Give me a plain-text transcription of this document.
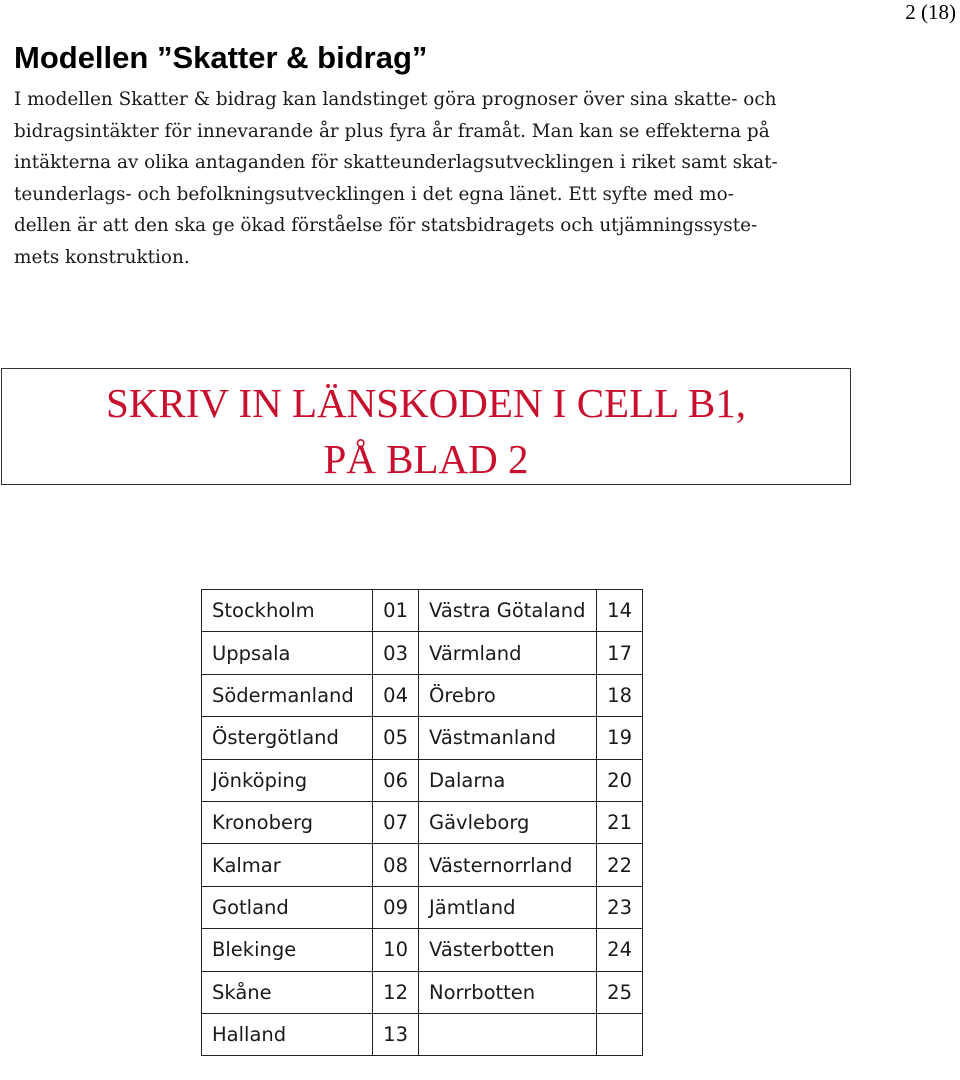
2 (18)
Modellen ”Skatter & bidrag”

I modellen Skatter & bidrag kan landstinget göra prognoser över sina skatte- och
bidragsintäkter för innevarande år plus fyra år framåt. Man kan se effekterna på
intäkterna av olika antaganden för skatteunderlagsutvecklingen i riket samt skat-
teunderlags- och befolkningsutvecklingen i det egna länet. Ett syfte med mo-
dellen är att den ska ge ökad förståelse för statsbidragets och utjämningssyste-
mets konstruktion.

SKRIV IN LÄNSKODEN I CELL B1,
PÅ BLAD 2
Stockholm	01	Västra Götaland	14
Uppsala	03	Värmland	17
Södermanland	04	Örebro	18
Östergötland	05	Västmanland	19
Jönköping	06	Dalarna	20
Kronoberg	07	Gävleborg	21
Kalmar	08	Västernorrland	22
Gotland	09	Jämtland	23
Blekinge	10	Västerbotten	24
Skåne	12	Norrbotten	25
Halland	13		
